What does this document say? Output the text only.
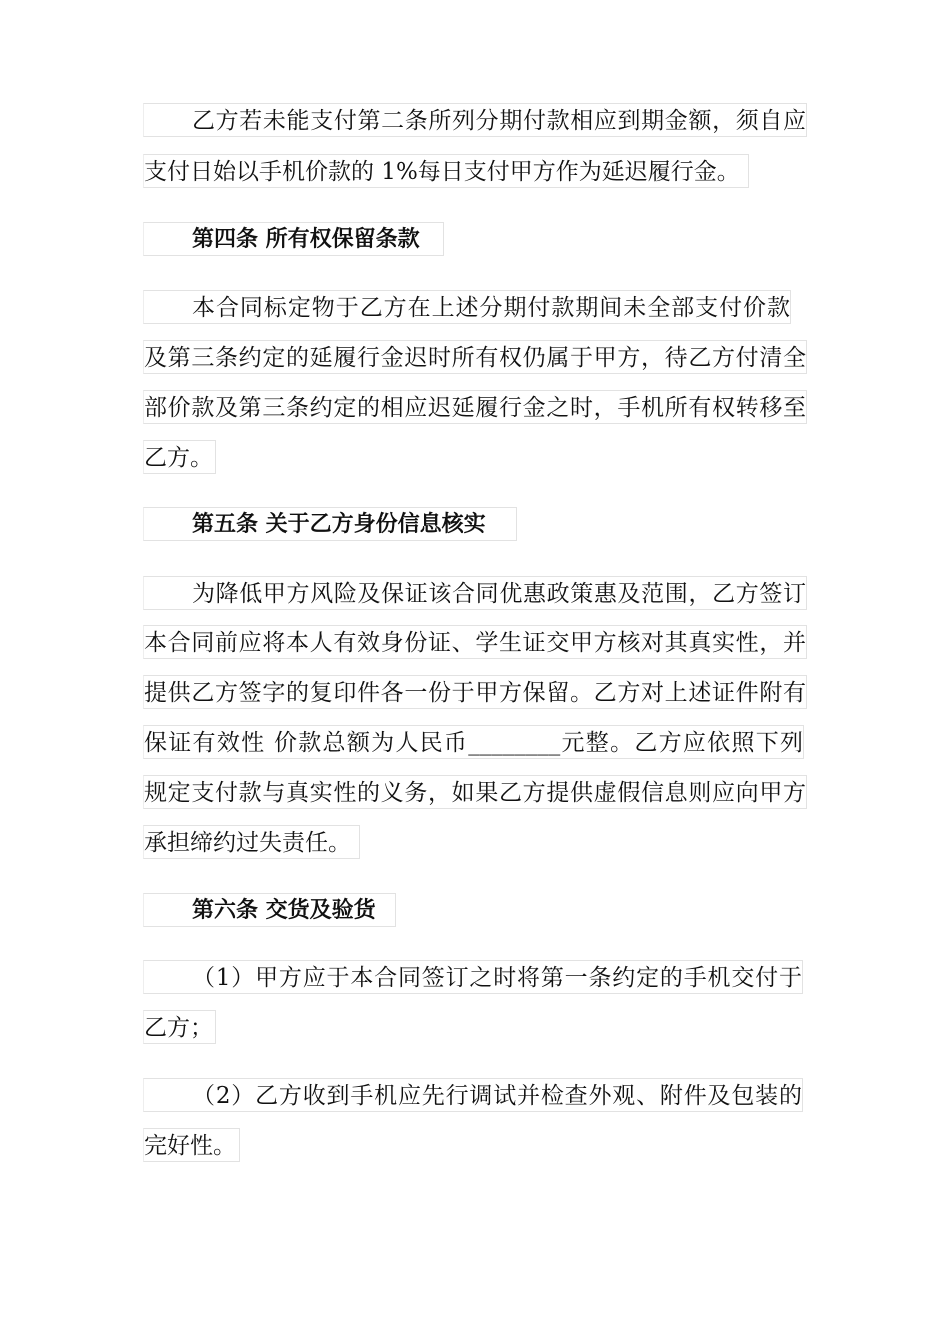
乙方若未能支付第二条所列分期付款相应到期金额，须自应
支付日始以手机价款的 1%每日支付甲方作为延迟履行金。
第四条 所有权保留条款
本合同标定物于乙方在上述分期付款期间未全部支付价款
及第三条约定的延履行金迟时所有权仍属于甲方，待乙方付清全
部价款及第三条约定的相应迟延履行金之时，手机所有权转移至
乙方。
第五条 关于乙方身份信息核实
为降低甲方风险及保证该合同优惠政策惠及范围，乙方签订
本合同前应将本人有效身份证、学生证交甲方核对其真实性，并
提供乙方签字的复印件各一份于甲方保留。乙方对上述证件附有
保证有效性 价款总额为人民币________元整。乙方应依照下列
规定支付款与真实性的义务，如果乙方提供虚假信息则应向甲方
承担缔约过失责任。
第六条 交货及验货
（1）甲方应于本合同签订之时将第一条约定的手机交付于
乙方；
（2）乙方收到手机应先行调试并检查外观、附件及包装的
完好性。
